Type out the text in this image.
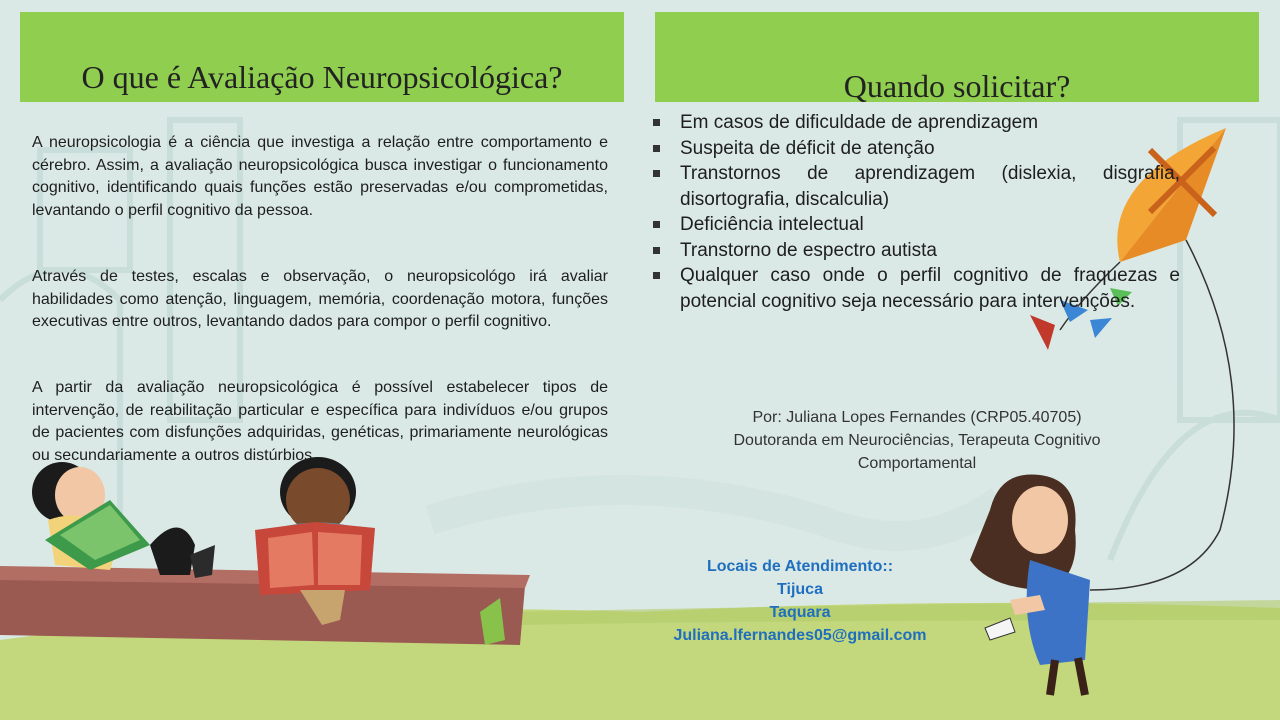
O que é Avaliação Neuropsicológica?	Quando solicitar?

A neuropsicologia é a ciência que investiga a relação entre comportamento e cérebro. Assim, a avaliação neuropsicológica busca investigar o funcionamento cognitivo, identificando quais funções estão preservadas e/ou comprometidas, levantando o perfil cognitivo da pessoa.

Através de testes, escalas e observação, o neuropsicológo irá avaliar habilidades como atenção, linguagem, memória, coordenação motora, funções executivas entre outros, levantando dados para compor o perfil cognitivo.

A partir da avaliação neuropsicológica é possível estabelecer tipos de intervenção, de reabilitação particular e específica para indivíduos e/ou grupos de pacientes com disfunções adquiridas, genéticas, primariamente neurológicas ou secundariamente a outros distúrbios.

Em casos de dificuldade de aprendizagem
Suspeita de déficit de atenção
Transtornos de aprendizagem (dislexia, disgrafia, disortografia, discalculia)
Deficiência intelectual
Transtorno de espectro autista
Qualquer caso onde o perfil cognitivo de fraquezas e potencial cognitivo seja necessário para intervenções.
Por: Juliana Lopes Fernandes (CRP05.40705)
Doutoranda em Neurociências, Terapeuta Cognitivo
Comportamental
Locais de Atendimento::
Tijuca
Taquara
Juliana.lfernandes05@gmail.com
